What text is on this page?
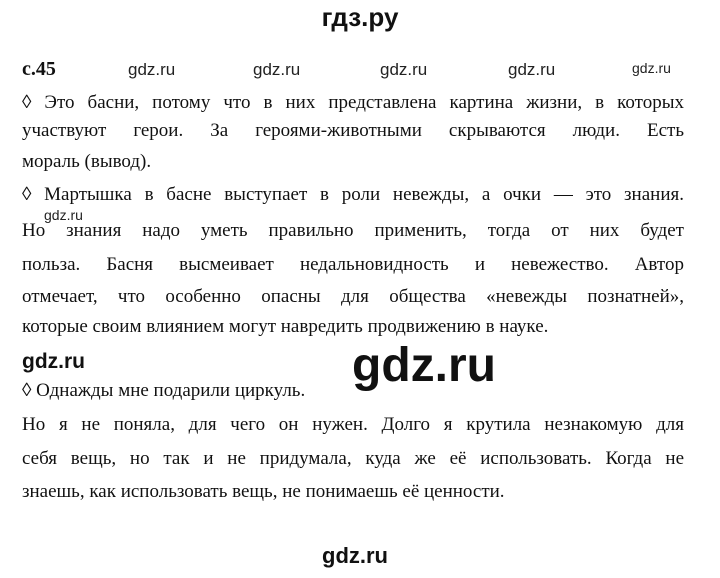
гдз.ру
с.45	gdz.ru	gdz.ru	gdz.ru	gdz.ru	gdz.ru
◊ Это басни, потому что в них представлена картина жизни, в которых
участвуют герои. За героями-животными скрываются люди. Есть
мораль (вывод).
◊ Мартышка в басне выступает в роли невежды, а очки — это знания.
gdz.ru
Но знания надо уметь правильно применить, тогда от них будет
польза. Басня высмеивает недальновидность и невежество. Автор
отмечает, что особенно опасны для общества «невежды познатней»,
которые своим влиянием могут навредить продвижению в науке.
gdz.ru	gdz.ru
◊ Однажды мне подарили циркуль.
Но я не поняла, для чего он нужен. Долго я крутила незнакомую для
себя вещь, но так и не придумала, куда же её использовать. Когда не
знаешь, как использовать вещь, не понимаешь её ценности.
gdz.ru
